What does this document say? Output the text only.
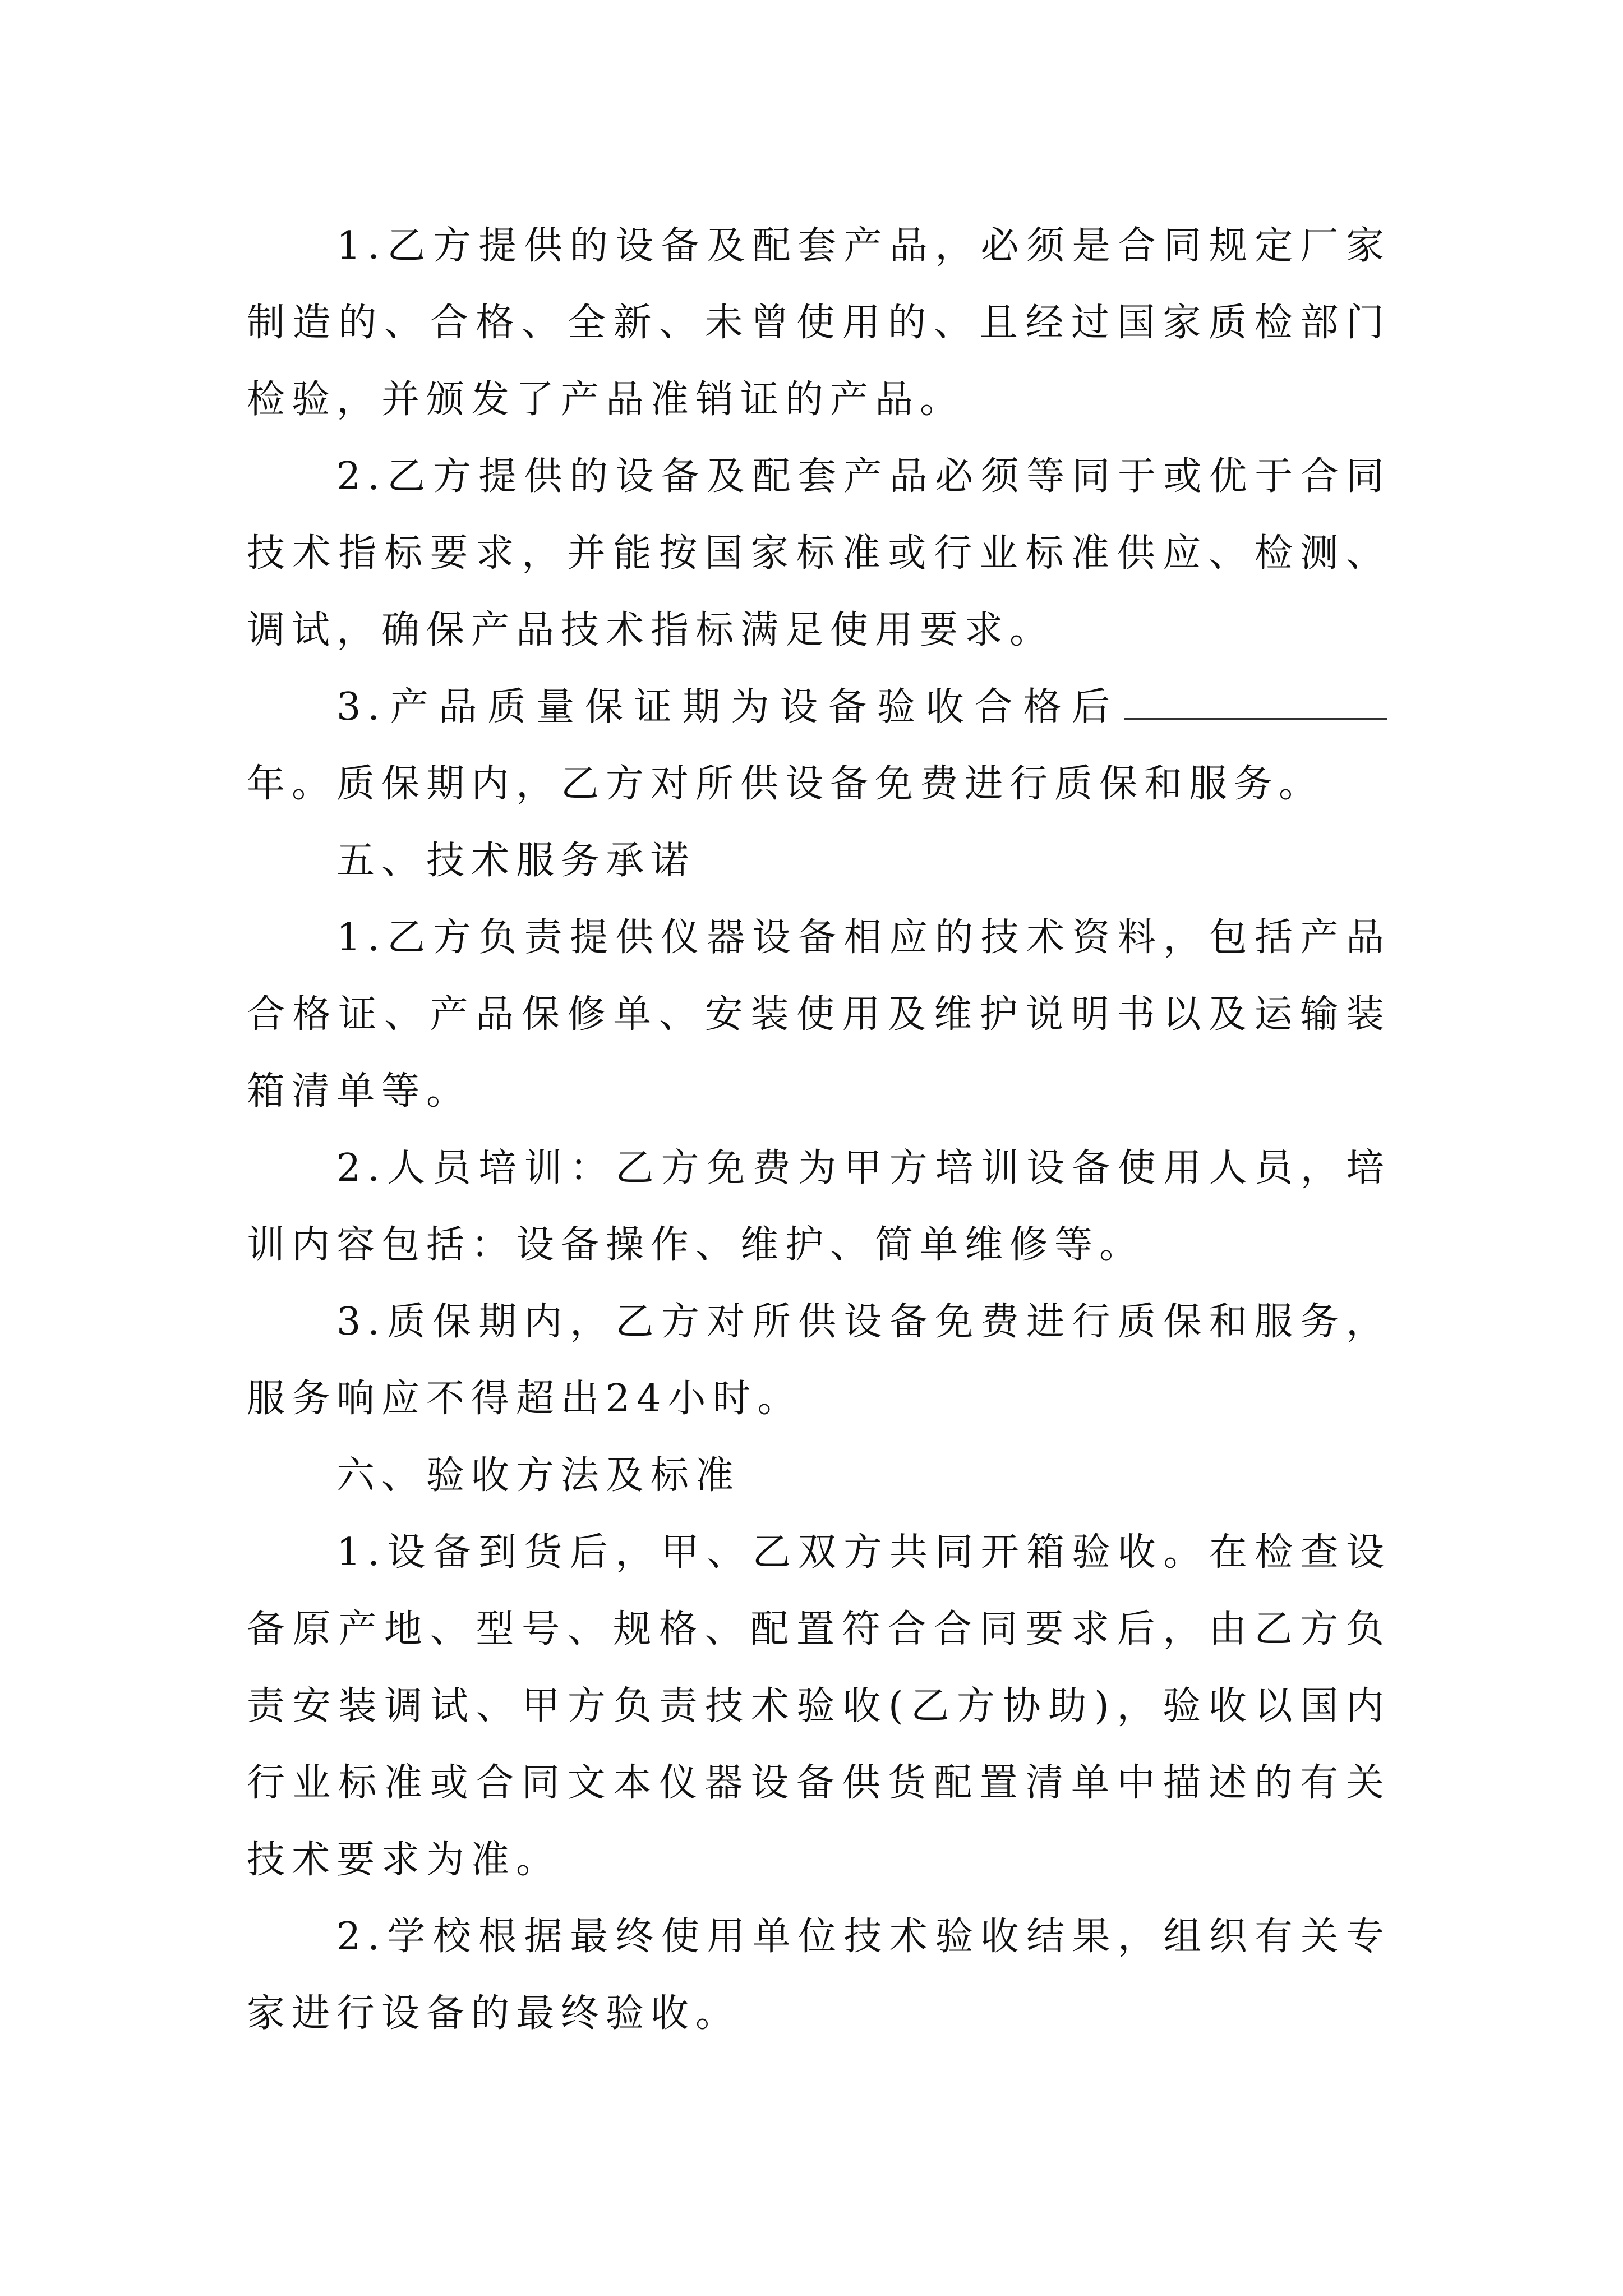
1.乙方提供的设备及配套产品，必须是合同规定厂家制造的、合格、全新、未曾使用的、且经过国家质检部门检验，并颁发了产品准销证的产品。

2.乙方提供的设备及配套产品必须等同于或优于合同技术指标要求，并能按国家标准或行业标准供应、检测、调试，确保产品技术指标满足使用要求。

3.产品质量保证期为设备验收合格后年。质保期内，乙方对所供设备免费进行质保和服务。

五、技术服务承诺

1.乙方负责提供仪器设备相应的技术资料，包括产品合格证、产品保修单、安装使用及维护说明书以及运输装箱清单等。

2.人员培训：乙方免费为甲方培训设备使用人员，培训内容包括：设备操作、维护、简单维修等。

3.质保期内，乙方对所供设备免费进行质保和服务，服务响应不得超出24小时。

六、验收方法及标准

1.设备到货后，甲、乙双方共同开箱验收。在检查设备原产地、型号、规格、配置符合合同要求后，由乙方负责安装调试、甲方负责技术验收(乙方协助)，验收以国内行业标准或合同文本仪器设备供货配置清单中描述的有关技术要求为准。

2.学校根据最终使用单位技术验收结果，组织有关专家进行设备的最终验收。
